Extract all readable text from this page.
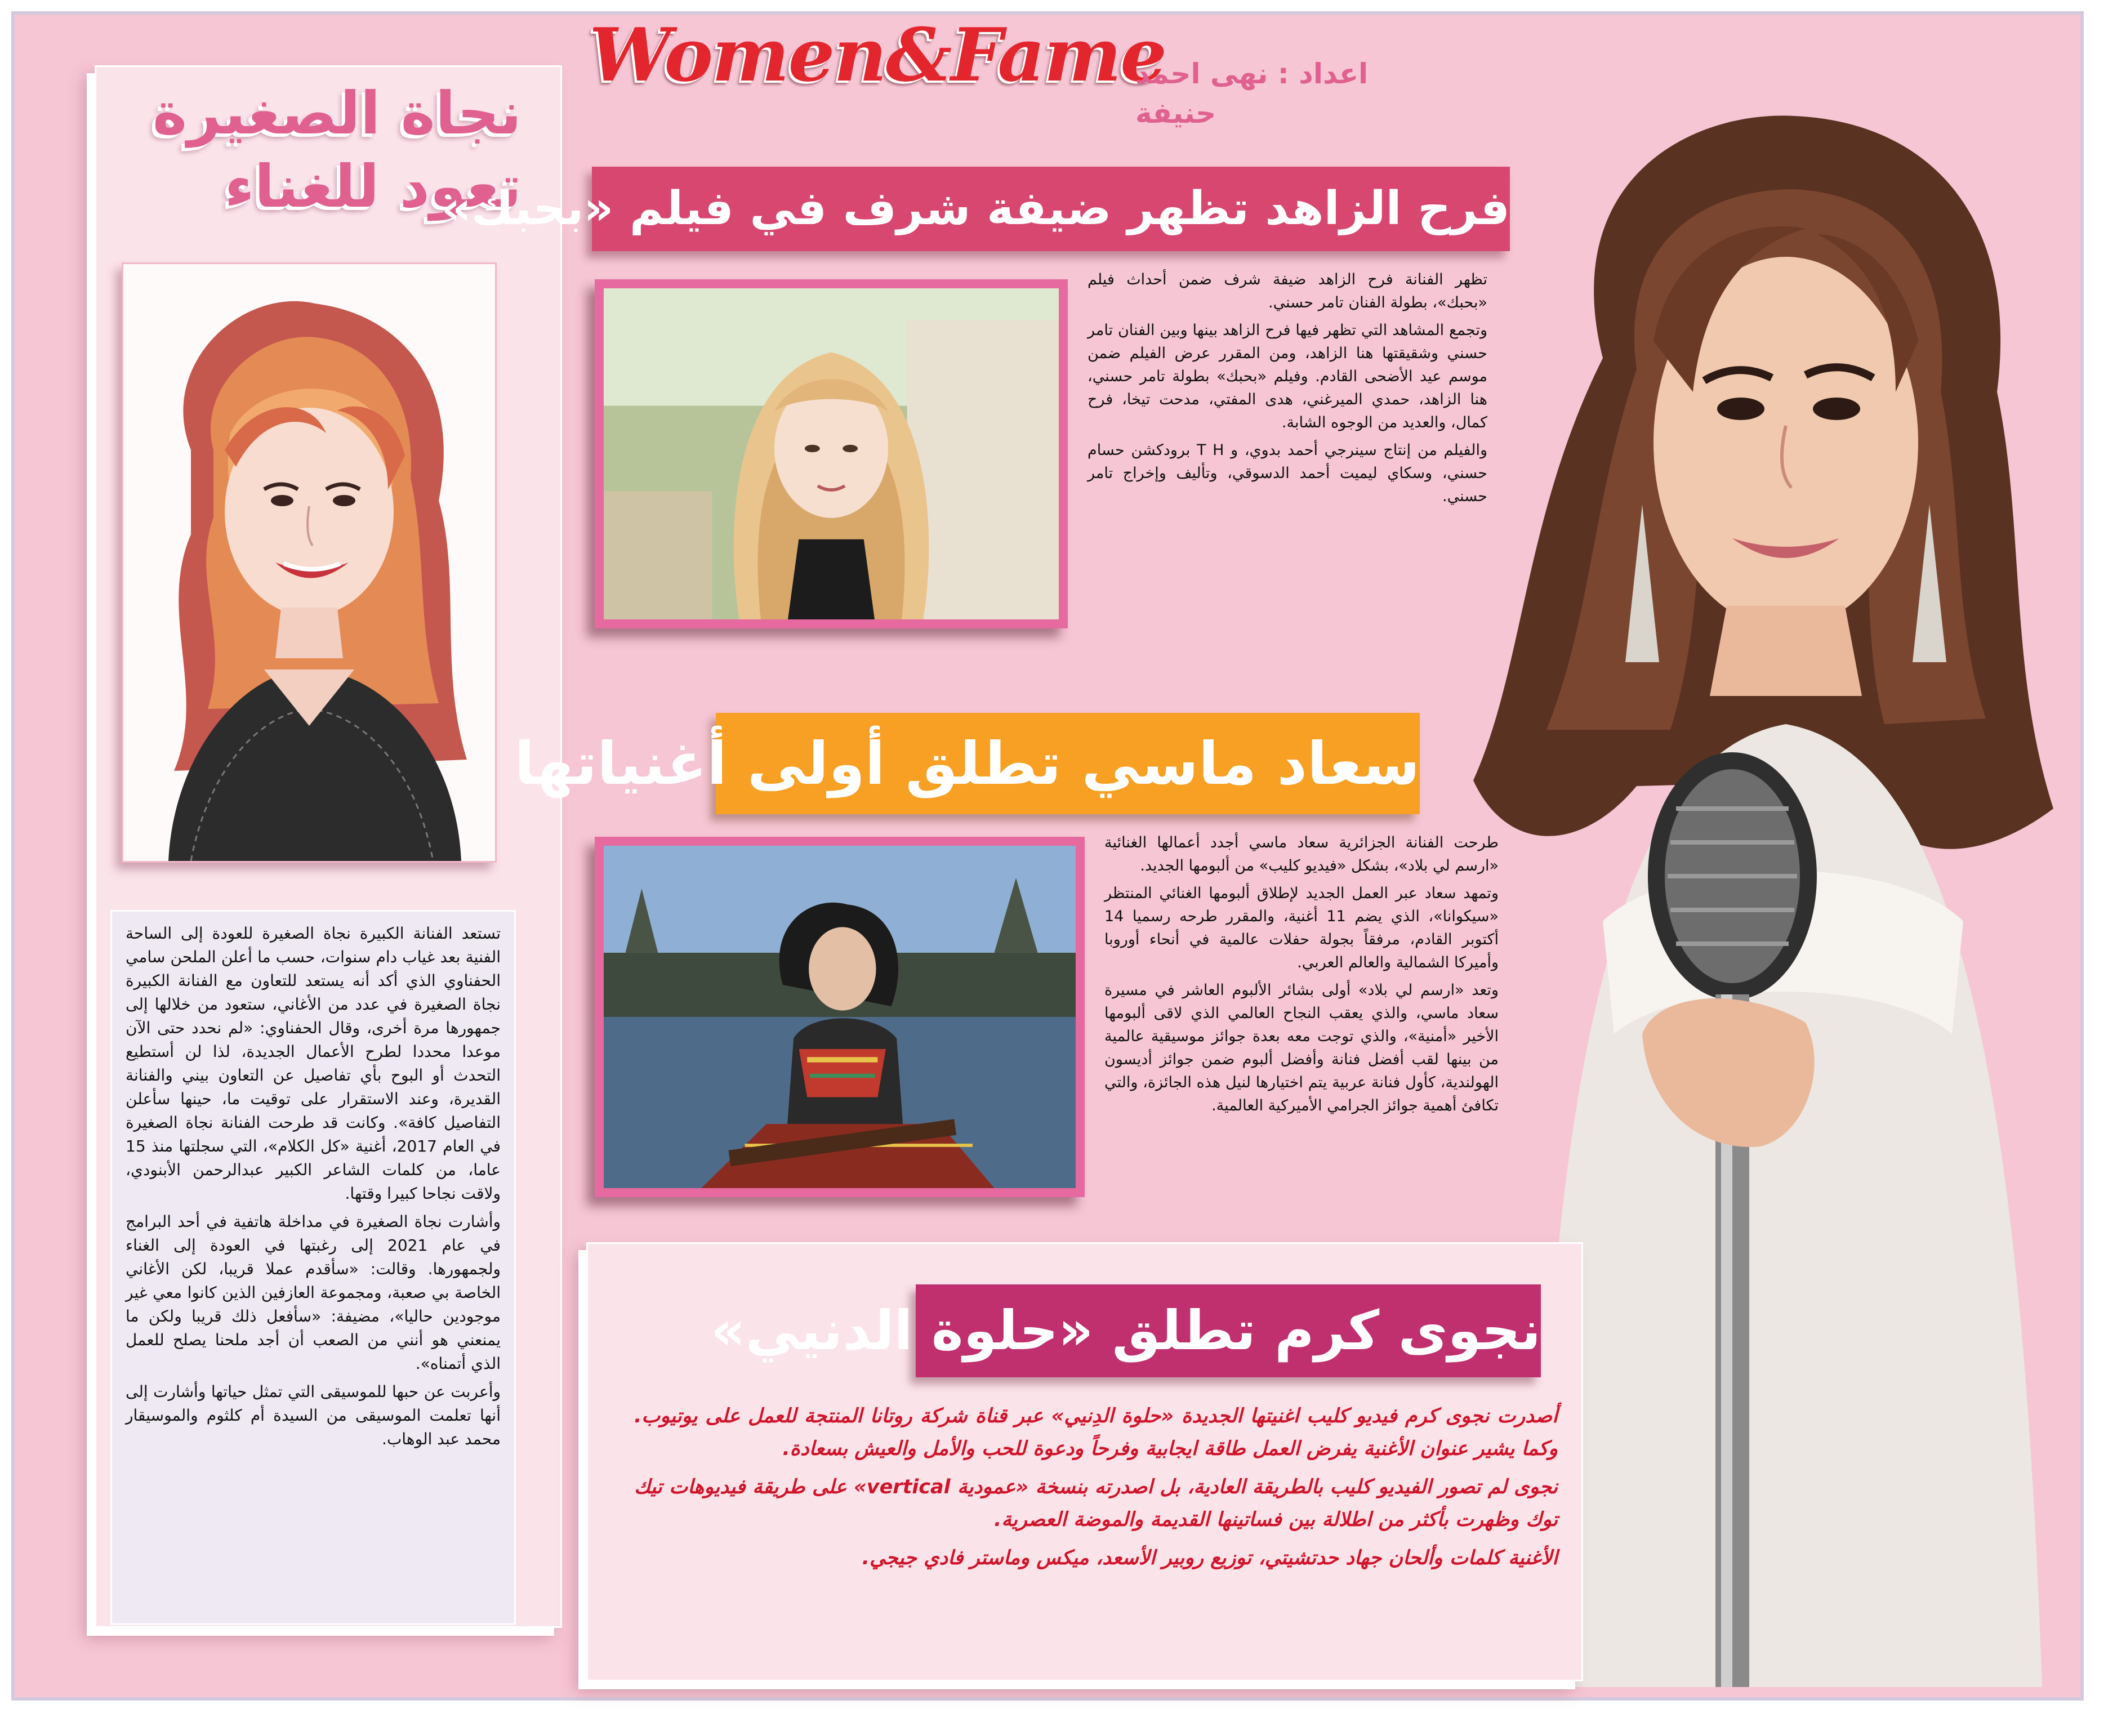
نجاة الصغيرة
تعود للغناء

تستعد الفنانة الكبيرة نجاة الصغيرة للعودة إلى الساحة الفنية بعد غياب دام سنوات، حسب ما أعلن الملحن سامي الحفناوي الذي أكد أنه يستعد للتعاون مع الفنانة الكبيرة نجاة الصغيرة في عدد من الأغاني، ستعود من خلالها إلى جمهورها مرة أخرى، وقال الحفناوي: «لم نحدد حتى الآن موعدا محددا لطرح الأعمال الجديدة، لذا لن أستطيع التحدث أو البوح بأي تفاصيل عن التعاون بيني والفنانة القديرة، وعند الاستقرار على توقيت ما، حينها سأعلن التفاصيل كافة». وكانت قد طرحت الفنانة نجاة الصغيرة في العام 2017، أغنية «كل الكلام»، التي سجلتها منذ 15 عاما، من كلمات الشاعر الكبير عبدالرحمن الأبنودي، ولاقت نجاحا كبيرا وقتها.

وأشارت نجاة الصغيرة في مداخلة هاتفية في أحد البرامج في عام 2021 إلى رغبتها في العودة إلى الغناء ولجمهورها. وقالت: «سأقدم عملا قريبا، لكن الأغاني الخاصة بي صعبة، ومجموعة العازفين الذين كانوا معي غير موجودين حاليا»، مضيفة: «سأفعل ذلك قريبا ولكن ما يمنعني هو أنني من الصعب أن أجد ملحنا يصلح للعمل الذي أتمناه».

وأعربت عن حبها للموسيقى التي تمثل حياتها وأشارت إلى أنها تعلمت الموسيقى من السيدة أم كلثوم والموسيقار محمد عبد الوهاب.

Women&Fame
اعداد : نهى احمد حنيفة
فرح الزاهد تظهر ضيفة شرف في فيلم «بحبك»

تظهر الفنانة فرح الزاهد ضيفة شرف ضمن أحداث فيلم «بحبك»، بطولة الفنان تامر حسني.

وتجمع المشاهد التي تظهر فيها فرح الزاهد بينها وبين الفنان تامر حسني وشقيقتها هنا الزاهد، ومن المقرر عرض الفيلم ضمن موسم عيد الأضحى القادم. وفيلم «بحبك» بطولة تامر حسني، هنا الزاهد، حمدي الميرغني، هدى المفتي، مدحت تيخا، فرح كمال، والعديد من الوجوه الشابة.

والفيلم من إنتاج سينرجي أحمد بدوي، و T H برودكشن حسام حسني، وسكاي ليميت أحمد الدسوقي، وتأليف وإخراج تامر حسني.

سعاد ماسي تطلق أولى أغنياتها

طرحت الفنانة الجزائرية سعاد ماسي أجدد أعمالها الغنائية «ارسم لي بلاد»، بشكل «فيديو كليب» من ألبومها الجديد.

وتمهد سعاد عبر العمل الجديد لإطلاق ألبومها الغنائي المنتظر «سيكوانا»، الذي يضم 11 أغنية، والمقرر طرحه رسميا 14 أكتوبر القادم، مرفقاً بجولة حفلات عالمية في أنحاء أوروبا وأميركا الشمالية والعالم العربي.

وتعد «ارسم لي بلاد» أولى بشائر الألبوم العاشر في مسيرة سعاد ماسي، والذي يعقب النجاح العالمي الذي لاقى ألبومها الأخير «أمنية»، والذي توجت معه بعدة جوائز موسيقية عالمية من بينها لقب أفضل فنانة وأفضل ألبوم ضمن جوائز أديسون الهولندية، كأول فنانة عربية يتم اختيارها لنيل هذه الجائزة، والتي تكافئ أهمية جوائز الجرامي الأميركية العالمية.

نجوى كرم تطلق «حلوة الدنيي»

أصدرت نجوى كرم فيديو كليب اغنيتها الجديدة «حلوة الدِنيي» عبر قناة شركة روتانا المنتجة للعمل على يوتيوب. وكما يشير عنوان الأغنية يفرض العمل طاقة ايجابية وفرحاً ودعوة للحب والأمل والعيش بسعادة.

نجوى لم تصور الفيديو كليب بالطريقة العادية، بل اصدرته بنسخة «عمودية vertical» على طريقة فيديوهات تيك توك وظهرت بأكثر من اطلالة بين فساتينها القديمة والموضة العصرية.

الأغنية كلمات وألحان جهاد حدتشيتي، توزيع روبير الأسعد، ميكس وماستر فادي جيجي.
